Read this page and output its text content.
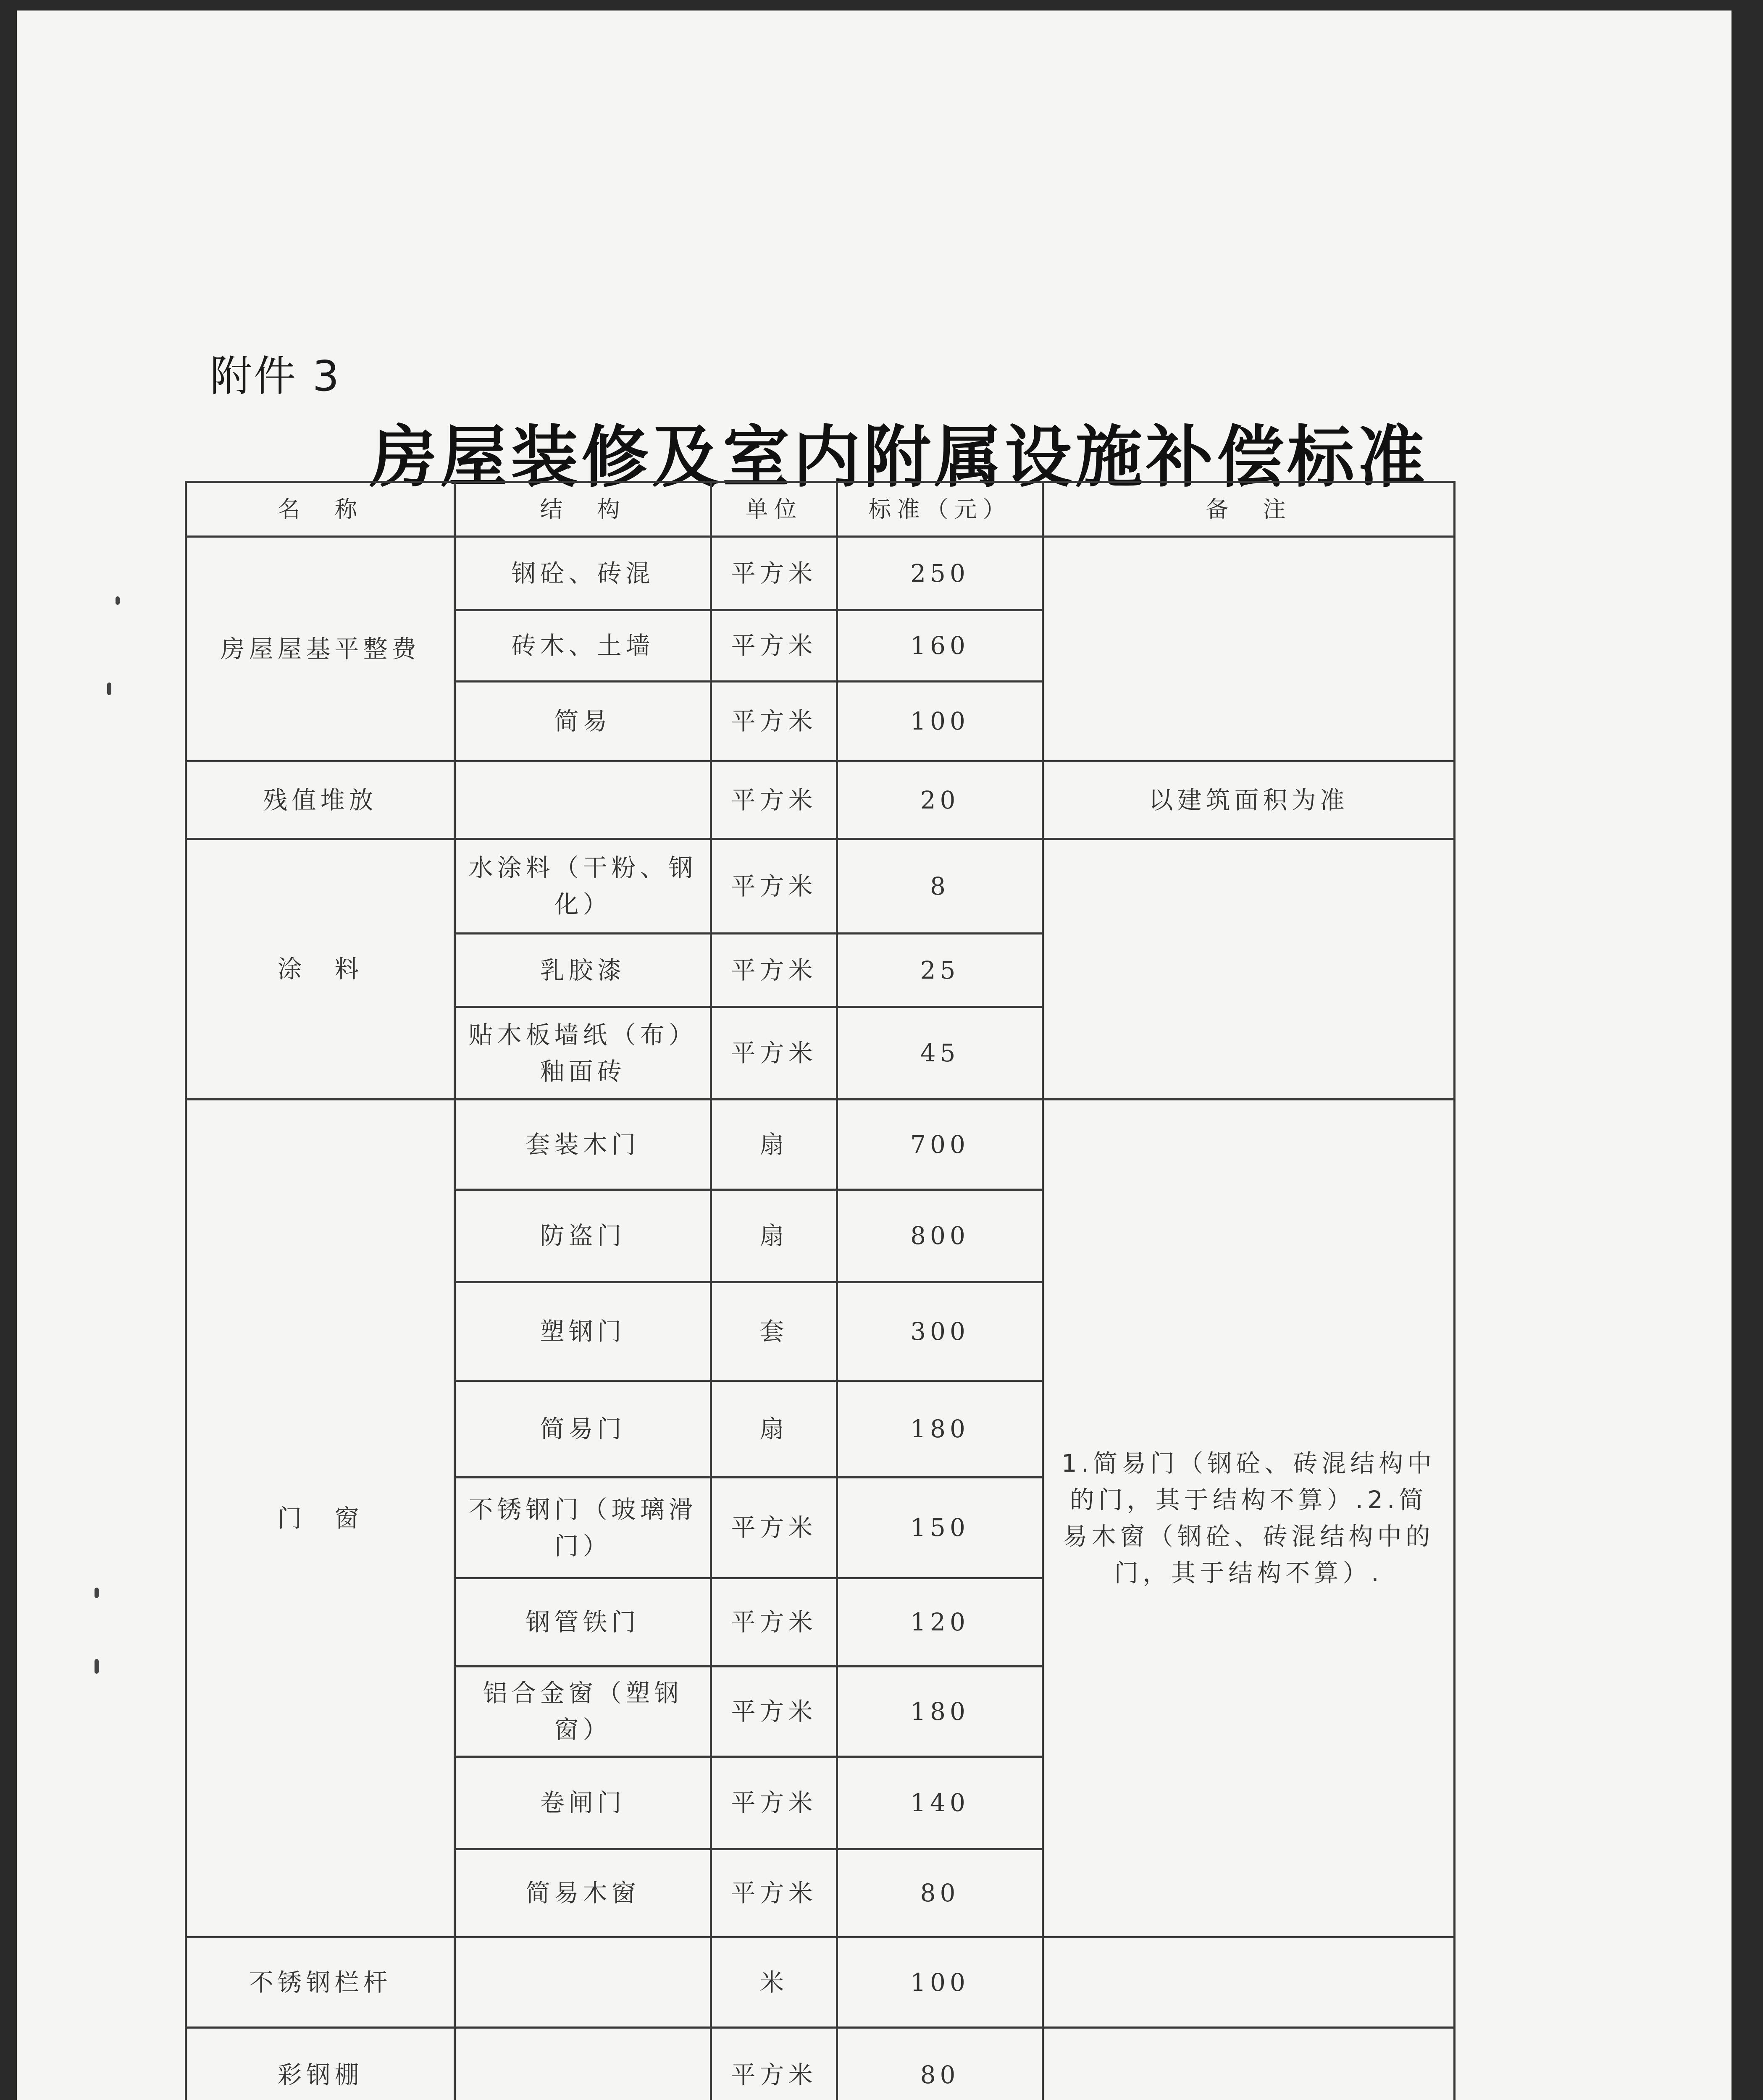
附件 3
房屋装修及室内附属设施补偿标准
名　称	结　构	单位	标准（元）	备　注
房屋屋基平整费	钢砼、砖混	平方米	250	
	砖木、土墙	平方米	160	
	简易	平方米	100	
残值堆放		平方米	20	以建筑面积为准
涂　料	水涂料（干粉、钢化）	平方米	8	
	乳胶漆	平方米	25	
	贴木板墙纸（布）釉面砖	平方米	45	
门　窗	套装木门	扇	700	1.简易门（钢砼、砖混结构中的门，其于结构不算）.2.简易木窗（钢砼、砖混结构中的门，其于结构不算）.
	防盗门	扇	800	
	塑钢门	套	300	
	简易门	扇	180	
	不锈钢门（玻璃滑门）	平方米	150	
	钢管铁门	平方米	120	
	铝合金窗（塑钢窗）	平方米	180	
	卷闸门	平方米	140	
	简易木窗	平方米	80	
不锈钢栏杆		米	100	
彩钢棚		平方米	80	
